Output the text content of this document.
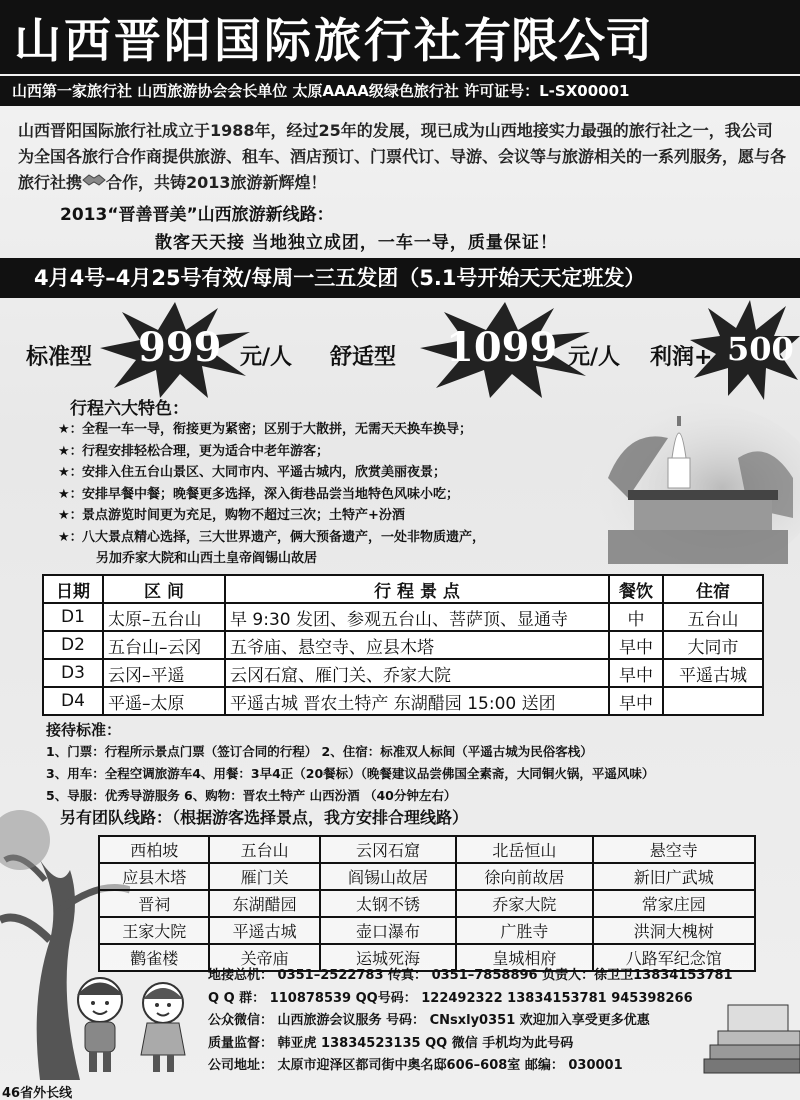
山西晋阳国际旅行社有限公司
山西第一家旅行社 山西旅游协会会长单位 太原AAAA级绿色旅行社 许可证号：L-SX00001
山西晋阳国际旅行社成立于1988年，经过25年的发展，现已成为山西地接实力最强的旅行社之一，我公司为全国各旅行合作商提供旅游、租车、酒店预订、门票代订、导游、会议等与旅游相关的一系列服务，愿与各旅行社携 合作，共铸2013旅游新辉煌！
2013“晋善晋美”山西旅游新线路：
散客天天接 当地独立成团，一车一导，质量保证！
4月4号–4月25号有效/每周一三五发团（5.1号开始天天定班发）
标准型 999 元/人 舒适型 1099 元/人 利润+ 500
行程六大特色：
★：全程一车一导，衔接更为紧密；区别于大散拼，无需天天换车换导；
★：行程安排轻松合理，更为适合中老年游客；
★：安排入住五台山景区、大同市内、平遥古城内，欣赏美丽夜景；
★：安排早餐中餐；晚餐更多选择，深入街巷品尝当地特色风味小吃；
★：景点游览时间更为充足，购物不超过三次；土特产+汾酒
★：八大景点精心选择，三大世界遗产，俩大预备遗产，一处非物质遗产，
另加乔家大院和山西土皇帝阎锡山故居
日期	区 间	行 程 景 点	餐饮	住宿
D1	太原–五台山	早 9:30 发团、参观五台山、菩萨顶、显通寺	中	五台山
D2	五台山–云冈	五爷庙、悬空寺、应县木塔	早中	大同市
D3	云冈–平遥	云冈石窟、雁门关、乔家大院	早中	平遥古城
D4	平遥–太原	平遥古城 晋农土特产 东湖醋园 15:00 送团	早中	
接待标准：
1、门票：行程所示景点门票（签订合同的行程） 2、住宿：标准双人标间（平遥古城为民俗客栈）
3、用车：全程空调旅游车4、用餐：3早4正（20餐标）（晚餐建议品尝佛国全素斋，大同铜火锅，平遥风味）
5、导服：优秀导游服务 6、购物：晋农土特产 山西汾酒 （40分钟左右）
另有团队线路：（根据游客选择景点，我方安排合理线路）
西柏坡	五台山	云冈石窟	北岳恒山	悬空寺
应县木塔	雁门关	阎锡山故居	徐向前故居	新旧广武城
晋祠	东湖醋园	太钢不锈	乔家大院	常家庄园
王家大院	平遥古城	壶口瀑布	广胜寺	洪洞大槐树
鹳雀楼	关帝庙	运城死海	皇城相府	八路军纪念馆
地接总机： 0351–2522783 传真： 0351–7858896 负责人：徐卫卫13834153781
Q Q 群： 110878539 QQ号码： 122492322 13834153781 945398266
公众微信： 山西旅游会议服务 号码： CNsxly0351 欢迎加入享受更多优惠
质量监督： 韩亚虎 13834523135 QQ 微信 手机均为此号码
公司地址： 太原市迎泽区都司街中奥名邸606–608室 邮编： 030001
46省外长线
